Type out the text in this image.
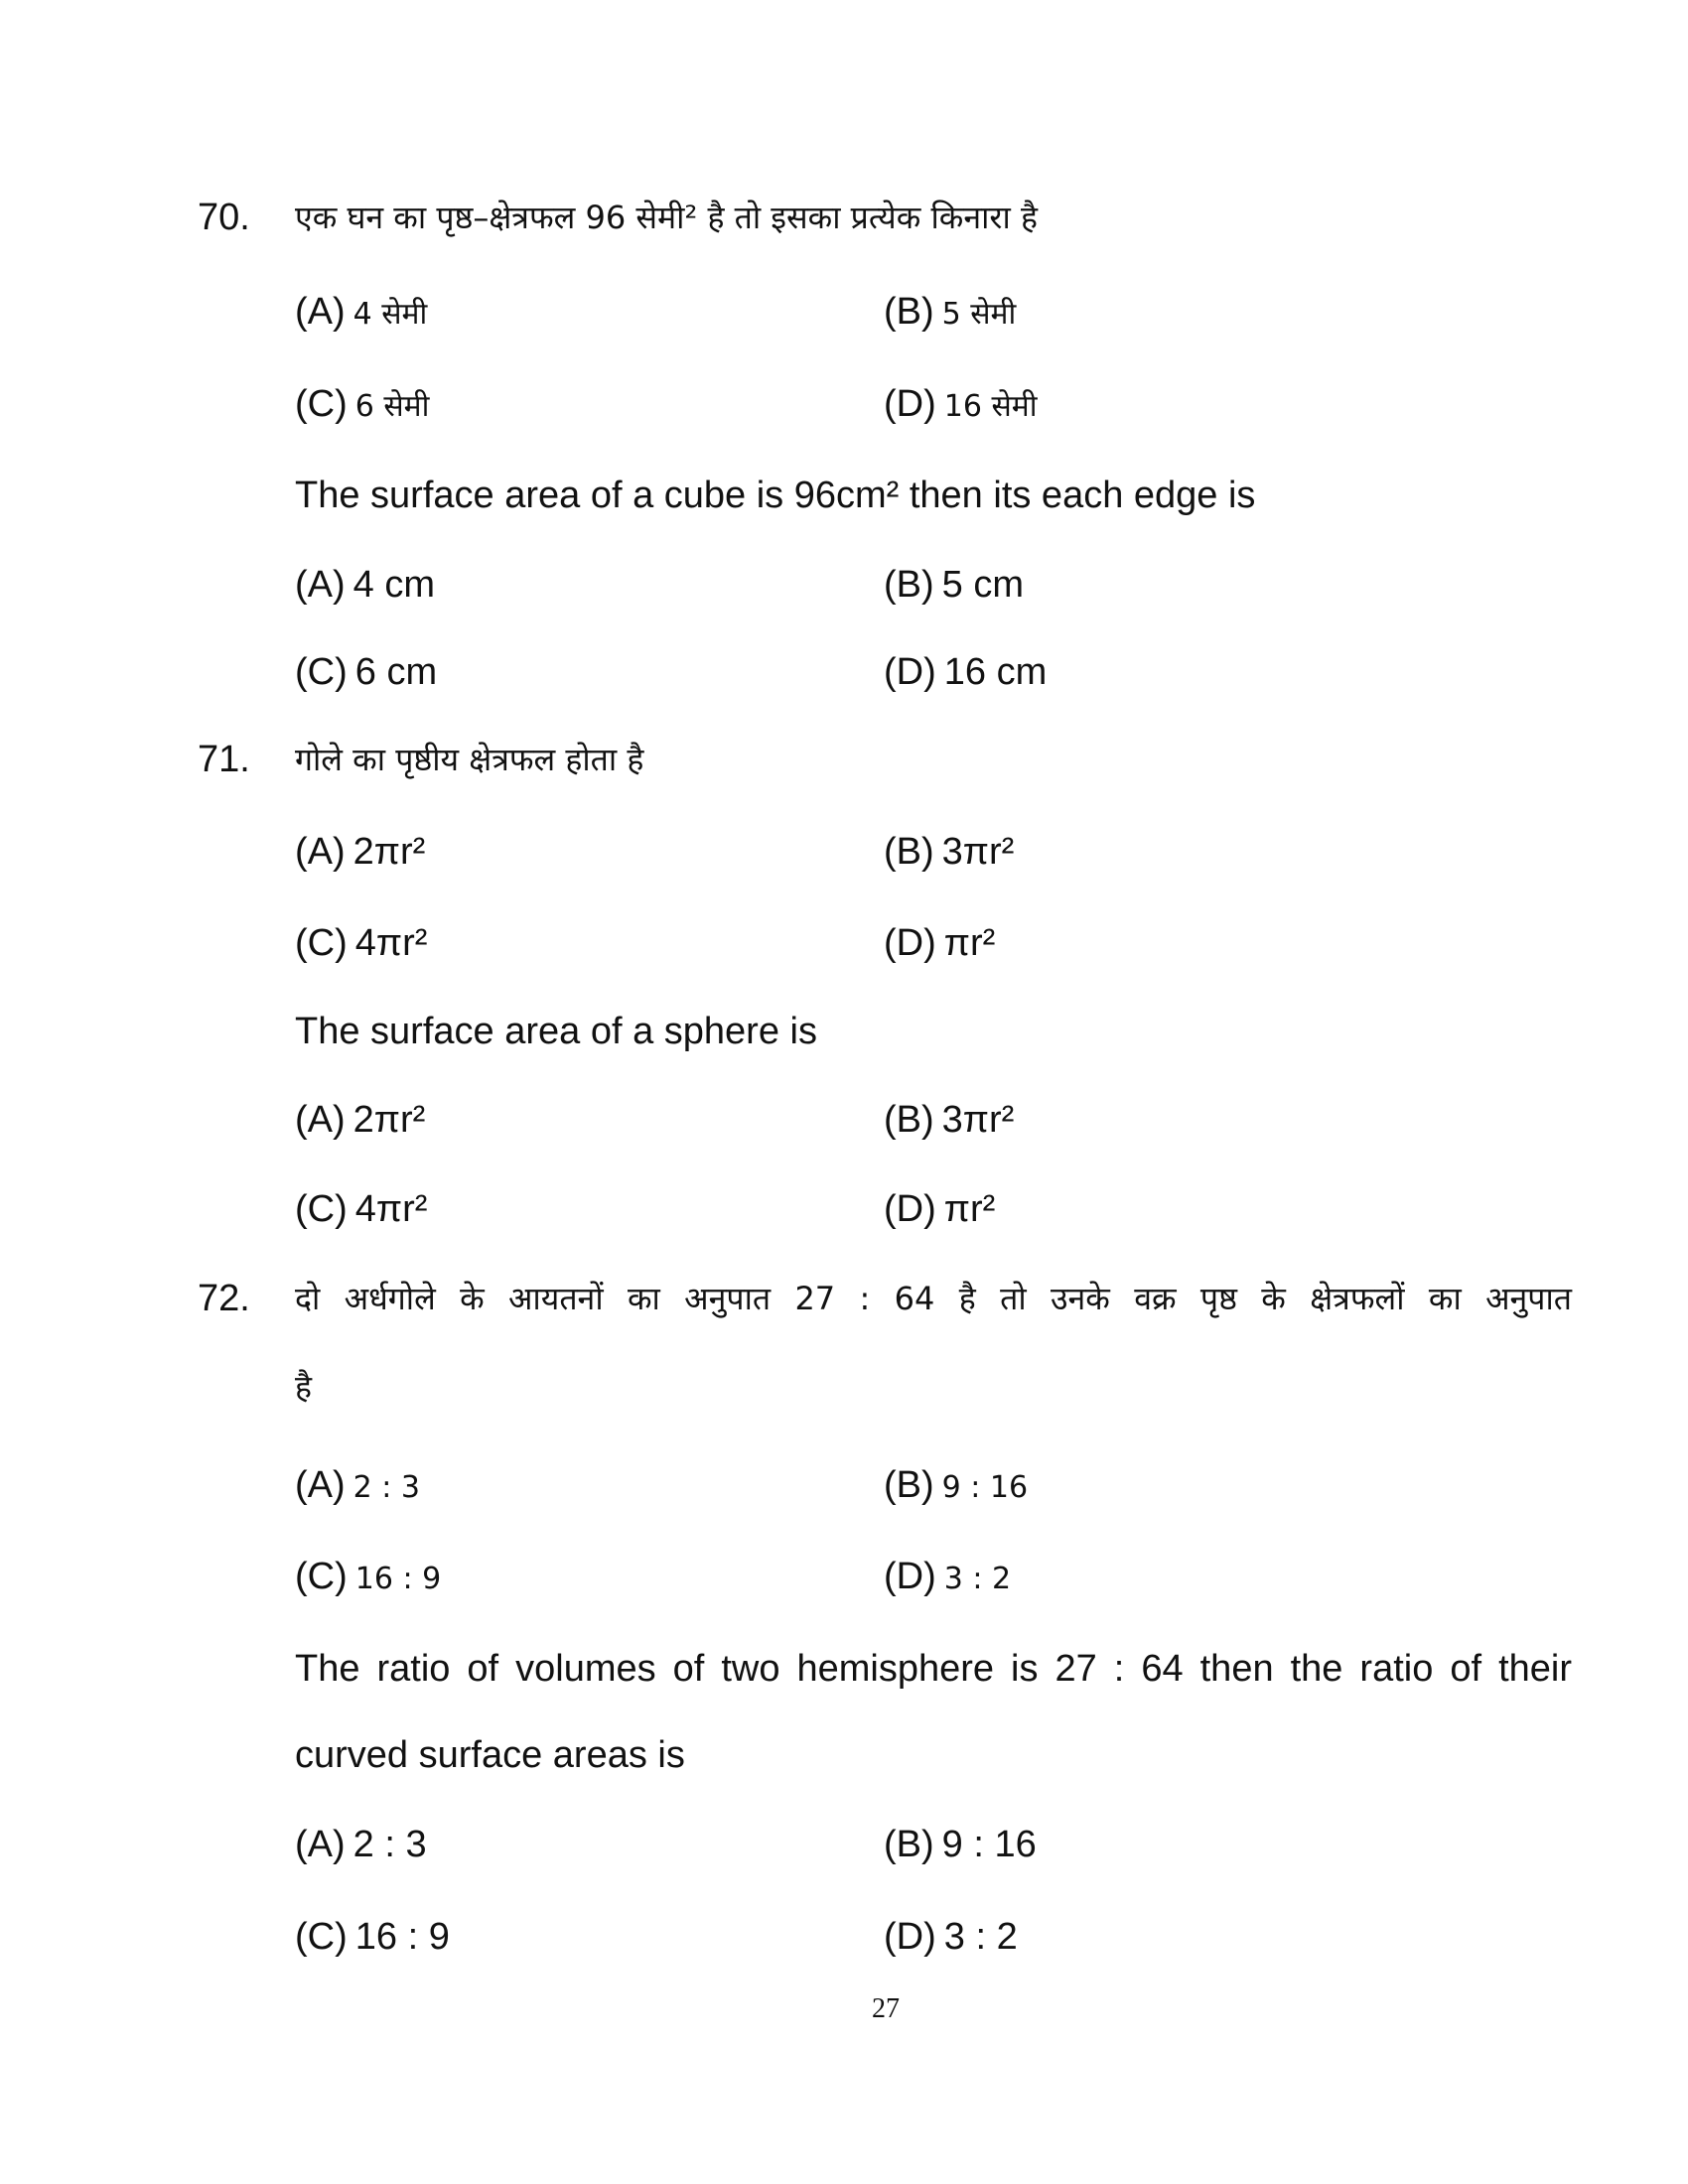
70. एक घन का पृष्ठ–क्षेत्रफल 96 सेमी² है तो इसका प्रत्येक किनारा है
(A) 4 सेमी	(B) 5 सेमी
(C) 6 सेमी	(D) 16 सेमी
(A) 4 cm	(B) 5 cm
(C) 6 cm	(D) 16 cm
The surface area of a cube is 96cm² then its each edge is
71. गोले का पृष्ठीय क्षेत्रफल होता है
(A) 2πr²	(B) 3πr²
(C) 4πr²	(D) πr²
(A) 2πr²	(B) 3πr²
(C) 4πr²	(D) πr²
The surface area of a sphere is
72. दो अर्धगोले के आयतनों का अनुपात 27 : 64 है तो उनके वक्र पृष्ठ के क्षेत्रफलों का अनुपात
है
(A) 2 : 3	(B) 9 : 16
(C) 16 : 9	(D) 3 : 2
(A) 2 : 3	(B) 9 : 16
(C) 16 : 9	(D) 3 : 2
The ratio of volumes of two hemisphere is 27 : 64 then the ratio of their
curved surface areas is
27
